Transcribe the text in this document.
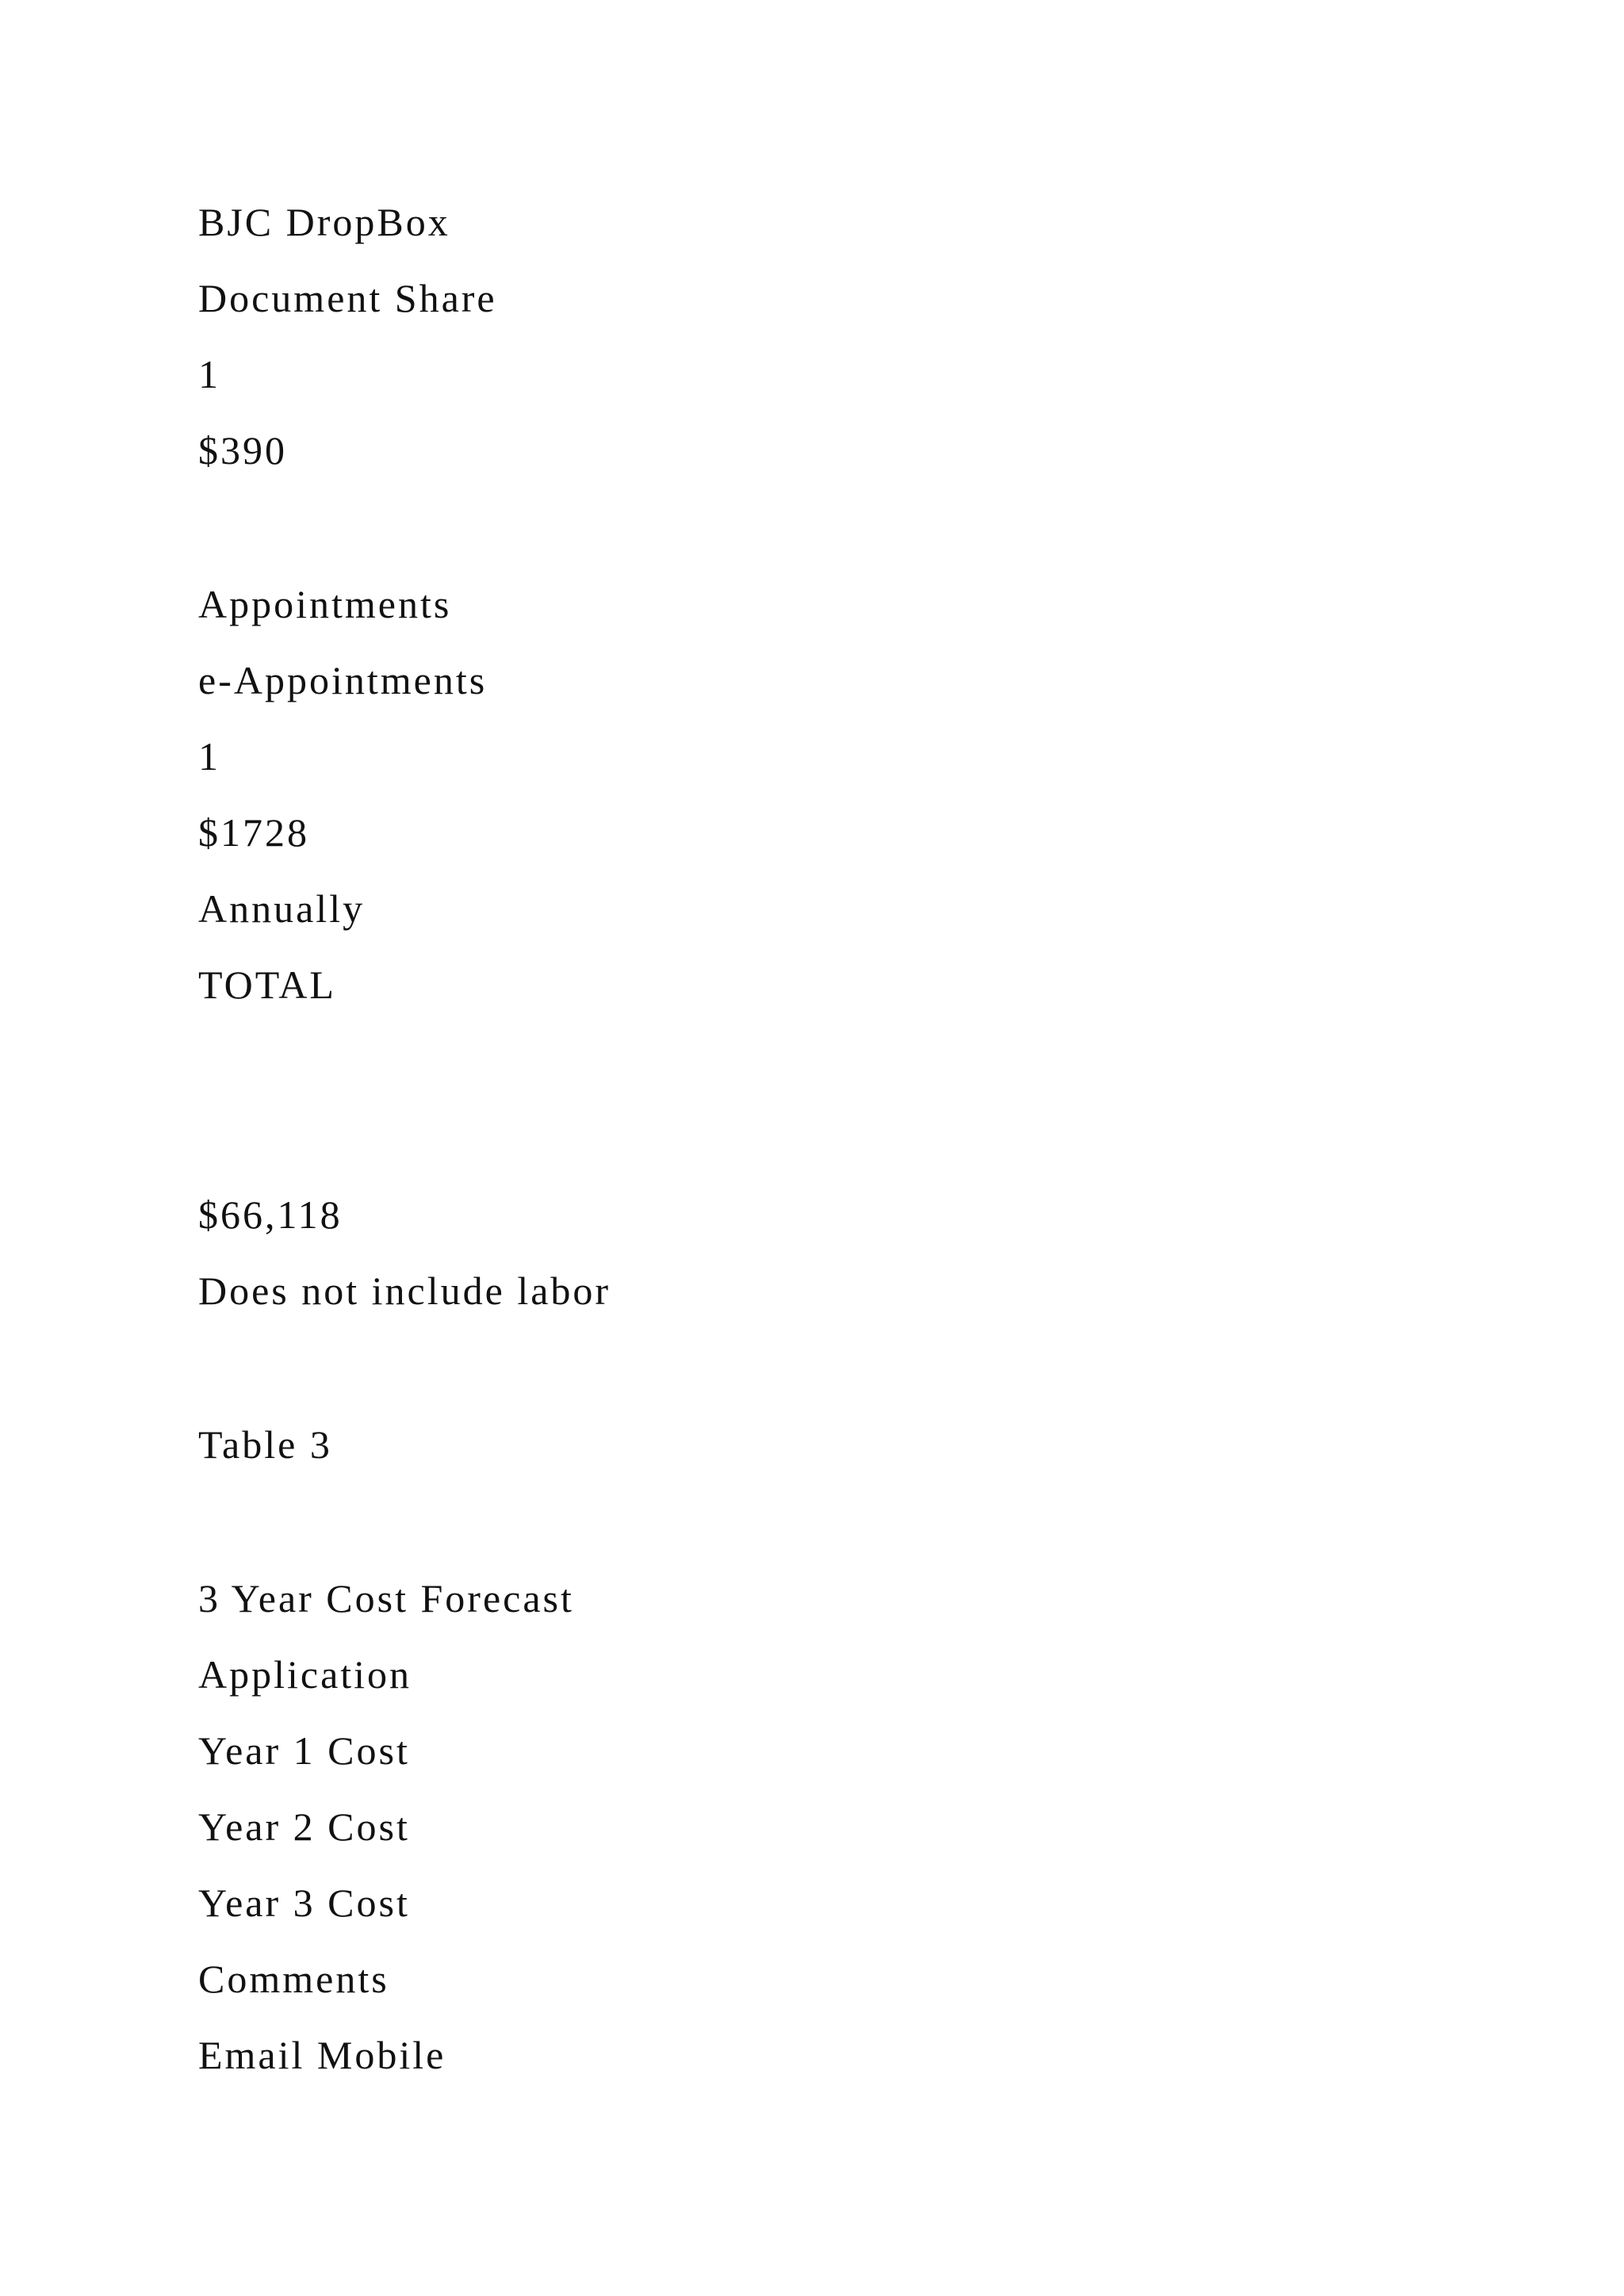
BJC DropBox

Document Share

1

$390

Appointments

e-Appointments

1

$1728

Annually

TOTAL

$66,118

Does not include labor

Table 3

3 Year Cost Forecast

Application

Year 1 Cost

Year 2 Cost

Year 3 Cost

Comments

Email Mobile
